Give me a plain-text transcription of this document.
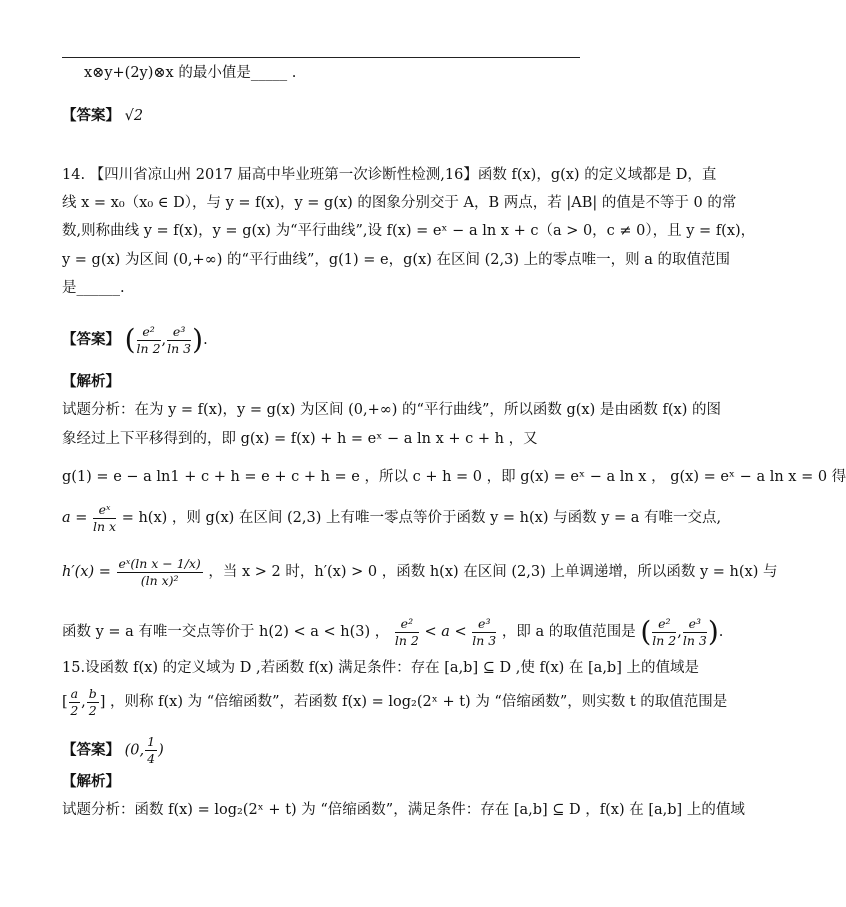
x⊗y+(2y)⊗x 的最小值是_____ .
【答案】 √2
14. 【四川省凉山州 2017 届高中毕业班第一次诊断性检测,16】函数 f(x)，g(x) 的定义域都是 D，直
线 x = x₀（x₀ ∈ D），与 y = f(x)，y = g(x) 的图象分别交于 A，B 两点，若 |AB| 的值是不等于 0 的常
数,则称曲线 y = f(x)，y = g(x) 为“平行曲线”,设 f(x) = eˣ − a ln x + c（a > 0，c ≠ 0），且 y = f(x)，
y = g(x) 为区间 (0,+∞) 的“平行曲线”，g(1) = e，g(x) 在区间 (2,3) 上的零点唯一，则 a 的取值范围
是______.
【答案】 ( $\frac{\text{e²}}{\ln 2}$ , $\frac{\text{e³}}{\ln 3}$ ).
【解析】
试题分析：在为 y = f(x)，y = g(x) 为区间 (0,+∞) 的“平行曲线”，所以函数 g(x) 是由函数 f(x) 的图
象经过上下平移得到的，即 g(x) = f(x) + h = eˣ − a ln x + c + h ，又
g(1) = e − a ln1 + c + h = e + c + h = e ，所以 c + h = 0 ，即 g(x) = eˣ − a ln x ， g(x) = eˣ − a ln x = 0 得
$a = \frac{\text{eˣ}}{\text{ln x}} = h(x)$ ，则 g(x) 在区间 (2,3) 上有唯一零点等价于函数 y = h(x) 与函数 y = a 有唯一交点,
$h'(x) = \frac{\text{eˣ(ln x − 1/x)}}{\text{(ln x)²}}$ ，当 x > 2 时，h′(x) > 0 ，函数 h(x) 在区间 (2,3) 上单调递增，所以函数 y = h(x) 与
函数 y = a 有唯一交点等价于 h(2) < a < h(3) ， $\frac{\text{e²}}{\ln 2} < a < \frac{\text{e³}}{\ln 3}$ ，即 a 的取值范围是 ( $\frac{\text{e²}}{\ln 2}$ , $\frac{\text{e³}}{\ln 3}$ ).
15.设函数 f(x) 的定义域为 D ,若函数 f(x) 满足条件：存在 [a,b] ⊆ D ,使 f(x) 在 [a,b] 上的值域是
[ $\frac{a}{2}$ , $\frac{b}{2}$ ] ，则称 f(x) 为 “倍缩函数”，若函数 f(x) = log₂(2ˣ + t) 为 “倍缩函数”，则实数 t 的取值范围是
【答案】 (0, $\frac{1}{4}$ )
【解析】
试题分析：函数 f(x) = log₂(2ˣ + t) 为 “倍缩函数”，满足条件：存在 [a,b] ⊆ D ，f(x) 在 [a,b] 上的值域
